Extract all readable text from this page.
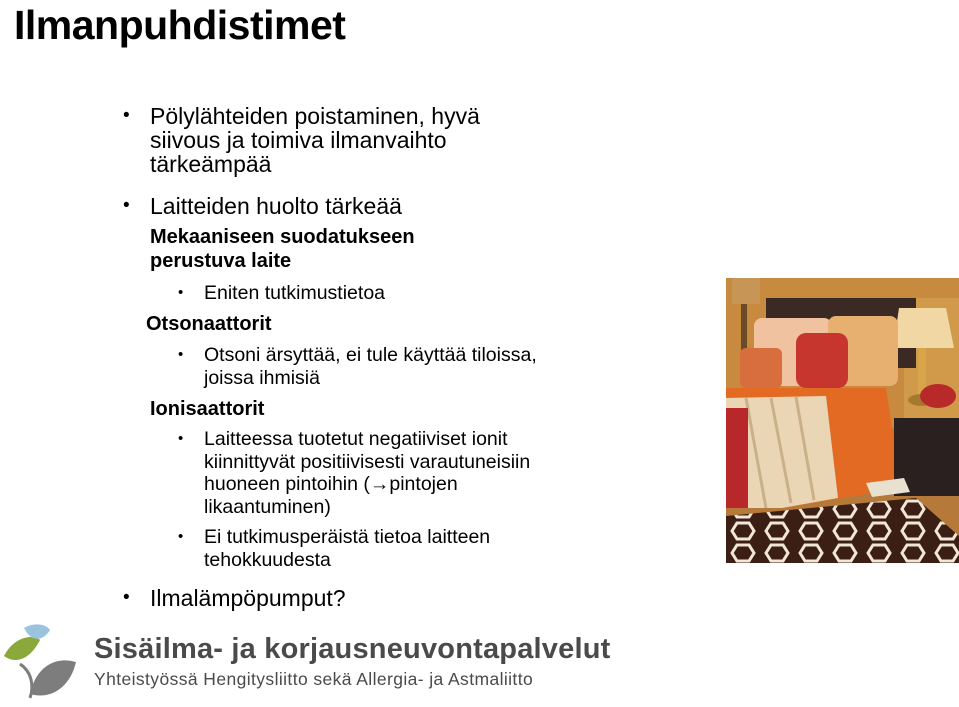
Ilmanpuhdistimet
• Pölylähteiden poistaminen, hyvä
siivous ja toimiva ilmanvaihto
tärkeämpää
• Laitteiden huolto tärkeää
Mekaaniseen suodatukseen
perustuva laite
• Eniten tutkimustietoa
Otsonaattorit
• Otsoni ärsyttää, ei tule käyttää tiloissa,
joissa ihmisiä
Ionisaattorit
• Laitteessa tuotetut negatiiviset ionit
kiinnittyvät positiivisesti varautuneisiin
huoneen pintoihin (→pintojen
likaantuminen)
• Ei tutkimusperäistä tietoa laitteen
tehokkuudesta
• Ilmalämpöpumput?
Sisäilma- ja korjausneuvontapalvelut
Yhteistyössä Hengitysliitto sekä Allergia- ja Astmaliitto
